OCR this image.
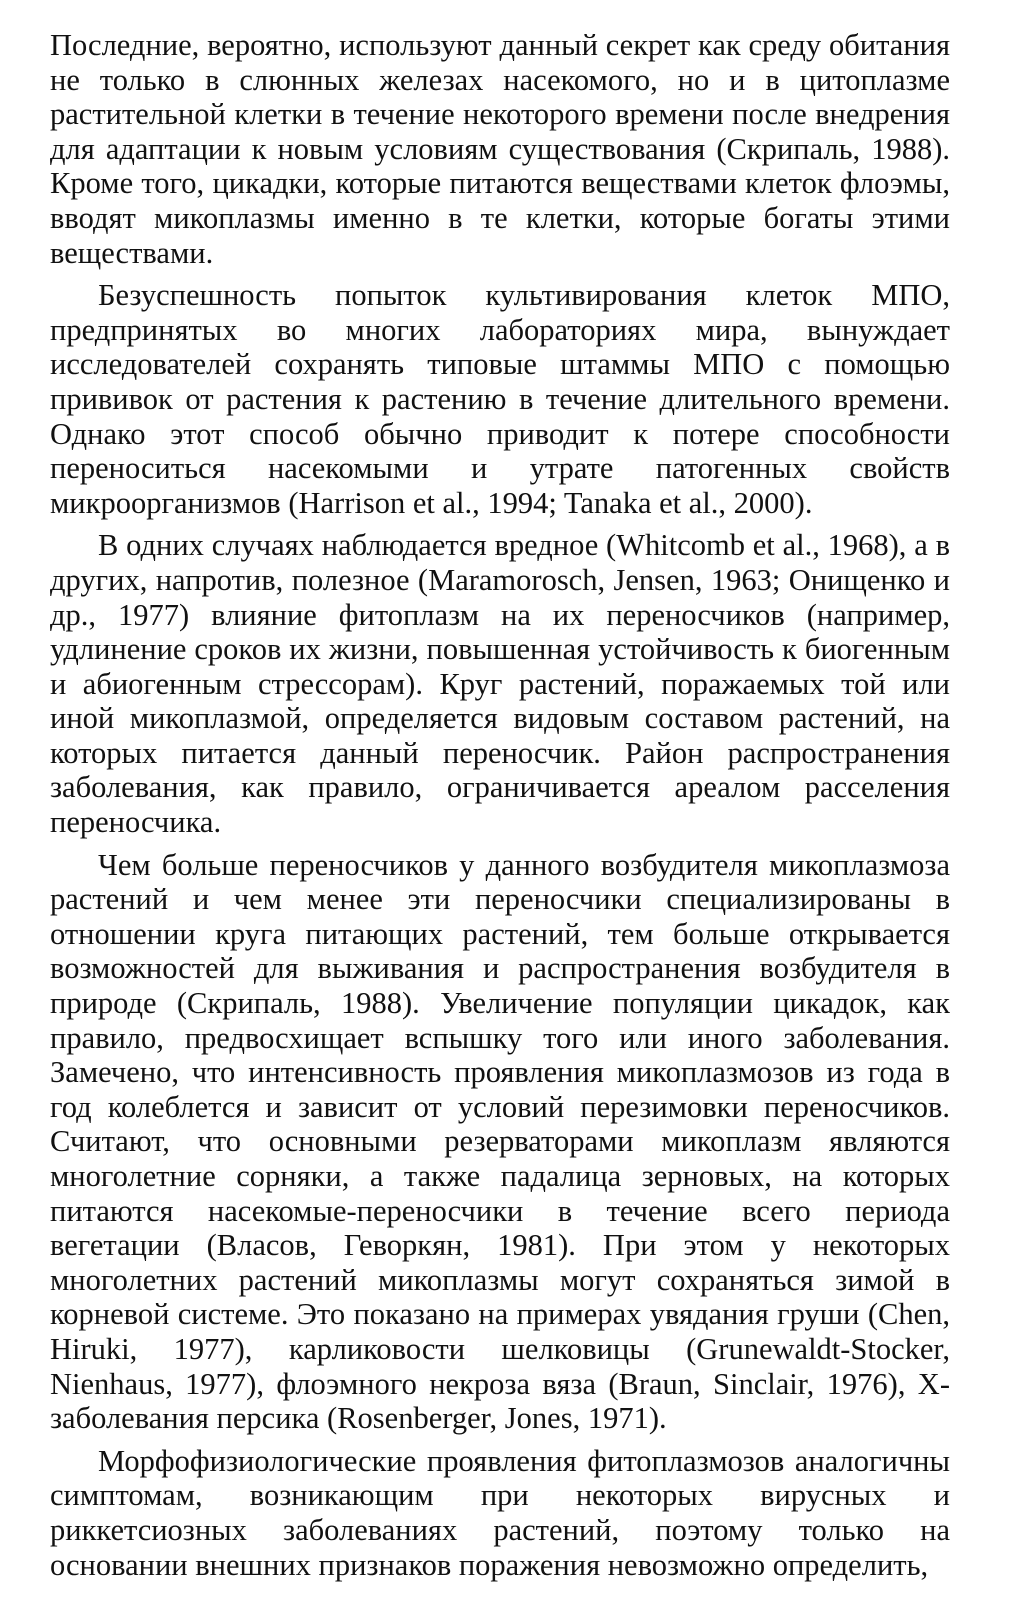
Последние, вероятно, используют данный секрет как среду обитания не только в слюнных железах насекомого, но и в цитоплазме растительной клетки в течение некоторого времени после внедрения для адаптации к новым условиям существования (Скрипаль, 1988). Кроме того, цикадки, которые питаются веществами клеток флоэмы, вводят микоплазмы именно в те клетки, которые богаты этими веществами.

Безуспешность попыток культивирования клеток МПО, предпринятых во многих лабораториях мира, вынуждает исследователей сохранять типовые штаммы МПО с помощью прививок от растения к растению в течение длительного времени. Однако этот способ обычно приводит к потере способности переноситься насекомыми и утрате патогенных свойств микроорганизмов (Harrison et al., 1994; Tanaka et al., 2000).

В одних случаях наблюдается вредное (Whitcomb et al., 1968), а в других, напротив, полезное (Maramorosch, Jensen, 1963; Онищенко и др., 1977) влияние фитоплазм на их переносчиков (например, удлинение сроков их жизни, повышенная устойчивость к биогенным и абиогенным стрессорам). Круг растений, поражаемых той или иной микоплазмой, определяется видовым составом растений, на которых питается данный переносчик. Район распространения заболевания, как правило, ограничивается ареалом расселения переносчика.

Чем больше переносчиков у данного возбудителя микоплазмоза растений и чем менее эти переносчики специализированы в отношении круга питающих растений, тем больше открывается возможностей для выживания и распространения возбудителя в природе (Скрипаль, 1988). Увеличение популяции цикадок, как правило, предвосхищает вспышку того или иного заболевания. Замечено, что интенсивность проявления микоплазмозов из года в год колеблется и зависит от условий перезимовки переносчиков. Считают, что основными резерваторами микоплазм являются многолетние сорняки, а также падалица зерновых, на которых питаются насекомые-переносчики в течение всего периода вегетации (Власов, Геворкян, 1981). При этом у некоторых многолетних растений микоплазмы могут сохраняться зимой в корневой системе. Это показано на примерах увядания груши (Chen, Hiruki, 1977), карликовости шелковицы (Grunewaldt-Stocker, Nienhaus, 1977), флоэмного некроза вяза (Braun, Sinclair, 1976), Х-заболевания персика (Rosenberger, Jones, 1971).

Морфофизиологические проявления фитоплазмозов аналогичны симптомам, возникающим при некоторых вирусных и риккетсиозных заболеваниях растений, поэтому только на основании внешних признаков поражения невозможно определить,
